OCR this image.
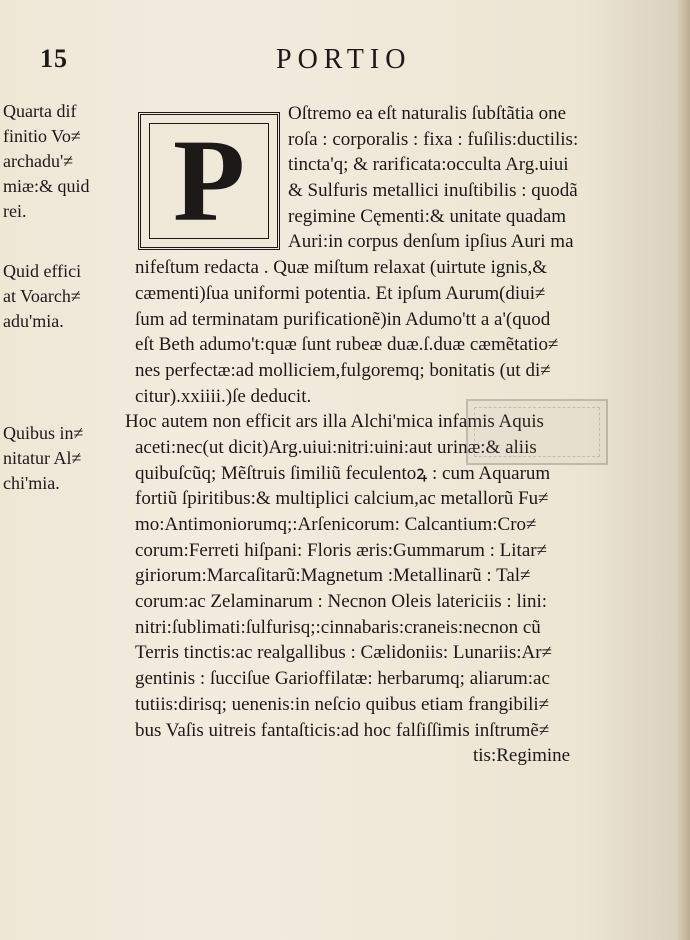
15	PORTIO
Quarta dif
finitio Vo≠
archadu'≠
miæ:& quid
rei.
Quid effici
at Voarch≠
adu'mia.
Quibus in≠
nitatur Al≠
chi'mia.
P
Oſtremo ea eſt naturalis ſubſtãtia one
roſa : corporalis : fixa : fuſilis:ductilis:
tincta'q; & rarificata:occulta Arg.uiui
& Sulfuris metallici inuſtibilis : quodã
regimine Cęmenti:& unitate quadam
Auri:in corpus denſum ipſius Auri ma
nifeſtum redacta . Quæ miſtum relaxat (uirtute ignis,&
cæmenti)ſua uniformi potentia. Et ipſum Aurum(diui≠
ſum ad terminatam purificationẽ)in Adumo'tt a a'(quod
eſt Beth adumo't:quæ ſunt rubeæ duæ.ſ.duæ cæmẽtatio≠
nes perfectæ:ad molliciem,fulgoremq; bonitatis (ut di≠
citur).xxiiii.)ſe deducit.
Hoc autem non efficit ars illa Alchi'mica infamis Aquis
aceti:nec(ut dicit)Arg.uiui:nitri:uini:aut urinæ:& aliis
quibuſcũq; Mẽſtruis ſimiliũ feculentoꝝ : cum Aquarum
fortiũ ſpiritibus:& multiplici calcium,ac metallorũ Fu≠
mo:Antimoniorumq;:Arſenicorum: Calcantium:Cro≠
corum:Ferreti hiſpani: Floris æris:Gummarum : Litar≠
giriorum:Marcaſitarũ:Magnetum :Metallinarũ : Tal≠
corum:ac Zelaminarum : Necnon Oleis latericiis : lini:
nitri:ſublimati:ſulfurisq;:cinnabaris:craneis:necnon cũ
Terris tinctis:ac realgallibus : Cælidoniis: Lunariis:Ar≠
gentinis : ſucciſue Garioffilatæ: herbarumq; aliarum:ac
tutiis:dirisq; uenenis:in neſcio quibus etiam frangibili≠
bus Vaſis uitreis fantaſticis:ad hoc falſiſſimis inſtrumẽ≠
tis:Regimine
